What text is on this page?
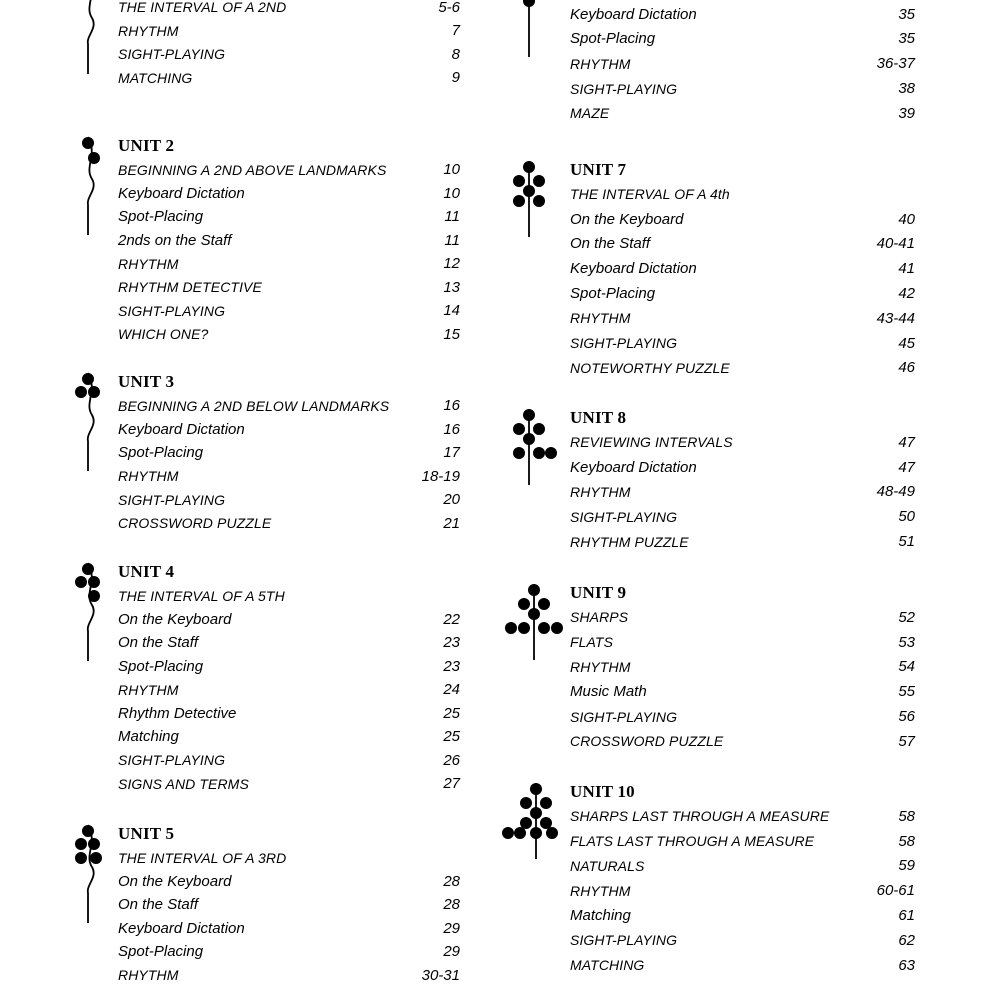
THE INTERVAL OF A 2ND	5-6
RHYTHM	7
SIGHT-PLAYING	8
MATCHING	9
UNIT 2
BEGINNING A 2ND ABOVE LANDMARKS	10
Keyboard Dictation	10
Spot-Placing	11
2nds on the Staff	11
RHYTHM	12
RHYTHM DETECTIVE	13
SIGHT-PLAYING	14
WHICH ONE?	15
UNIT 3
BEGINNING A 2ND BELOW LANDMARKS	16
Keyboard Dictation	16
Spot-Placing	17
RHYTHM	18-19
SIGHT-PLAYING	20
CROSSWORD PUZZLE	21
UNIT 4
THE INTERVAL OF A 5TH
On the Keyboard	22
On the Staff	23
Spot-Placing	23
RHYTHM	24
Rhythm Detective	25
Matching	25
SIGHT-PLAYING	26
SIGNS AND TERMS	27
UNIT 5
THE INTERVAL OF A 3RD
On the Keyboard	28
On the Staff	28
Keyboard Dictation	29
Spot-Placing	29
RHYTHM	30-31
Keyboard Dictation	35
Spot-Placing	35
RHYTHM	36-37
SIGHT-PLAYING	38
MAZE	39
UNIT 7
THE INTERVAL OF A 4th
On the Keyboard	40
On the Staff	40-41
Keyboard Dictation	41
Spot-Placing	42
RHYTHM	43-44
SIGHT-PLAYING	45
NOTEWORTHY PUZZLE	46
UNIT 8
REVIEWING INTERVALS	47
Keyboard Dictation	47
RHYTHM	48-49
SIGHT-PLAYING	50
RHYTHM PUZZLE	51
UNIT 9
SHARPS	52
FLATS	53
RHYTHM	54
Music Math	55
SIGHT-PLAYING	56
CROSSWORD PUZZLE	57
UNIT 10
SHARPS LAST THROUGH A MEASURE	58
FLATS LAST THROUGH A MEASURE	58
NATURALS	59
RHYTHM	60-61
Matching	61
SIGHT-PLAYING	62
MATCHING	63
